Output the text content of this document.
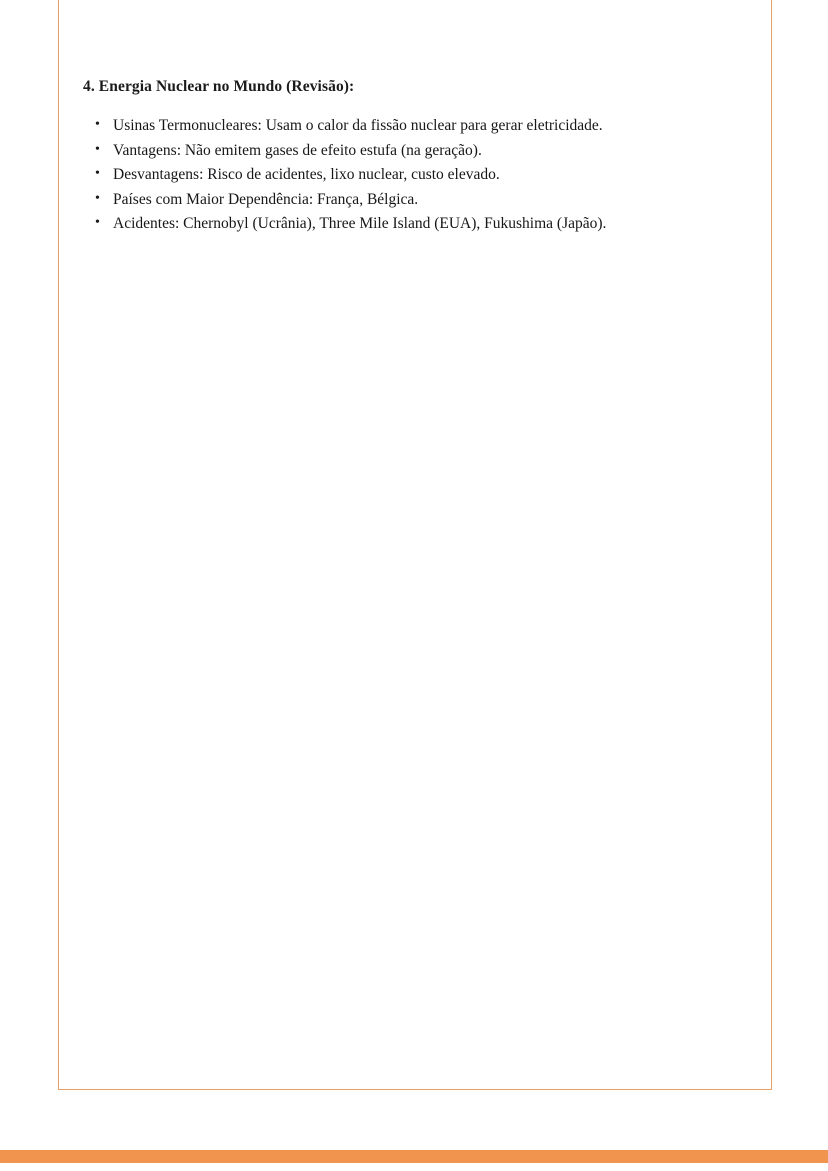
4. Energia Nuclear no Mundo (Revisão):
• Usinas Termonucleares: Usam o calor da fissão nuclear para gerar eletricidade.
• Vantagens: Não emitem gases de efeito estufa (na geração).
• Desvantagens: Risco de acidentes, lixo nuclear, custo elevado.
• Países com Maior Dependência: França, Bélgica.
• Acidentes: Chernobyl (Ucrânia), Three Mile Island (EUA), Fukushima (Japão).
